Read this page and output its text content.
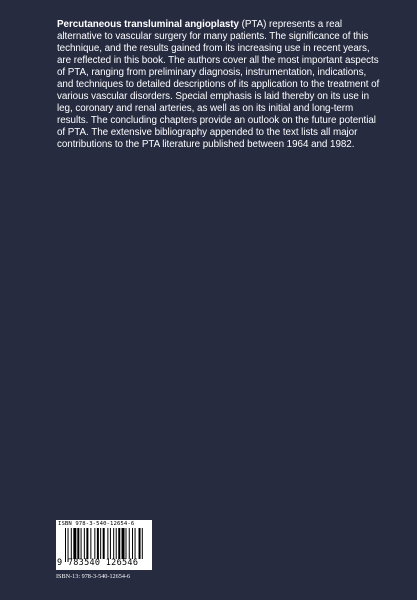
Percutaneous transluminal angioplasty (PTA) represents a real alternative to vascular surgery for many patients. The significance of this technique, and the results gained from its increasing use in recent years, are reflected in this book. The authors cover all the most important aspects of PTA, ranging from preliminary diagnosis, instrumentation, indications, and techniques to detailed descriptions of its application to the treatment of various vascular disorders. Special emphasis is laid thereby on its use in leg, coronary and renal arteries, as well as on its initial and long-term results. The concluding chapters provide an outlook on the future potential of PTA. The extensive bibliography appended to the text lists all major contributions to the PTA literature published between 1964 and 1982.

ISBN 978-3-540-12654-6
9 783540 126546
ISBN-13: 978-3-540-12654-6
